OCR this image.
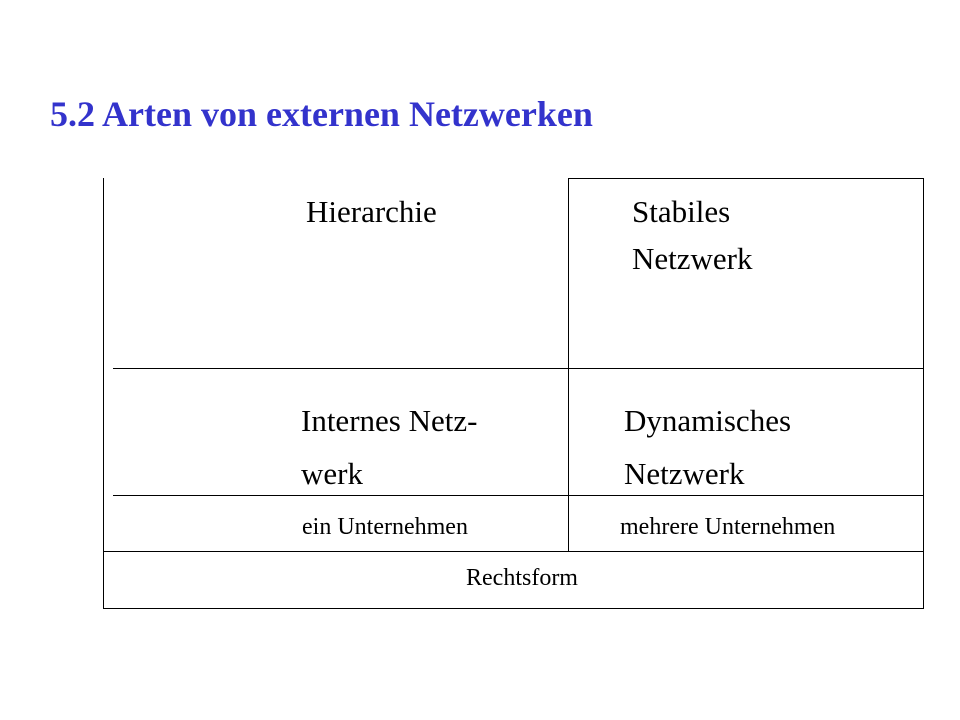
5.2 Arten von externen Netzwerken
Hierarchie	Stabiles
Netzwerk
Internes Netz-
werk
Dynamisches
Netzwerk
ein Unternehmen	mehrere Unternehmen
Rechtsform
